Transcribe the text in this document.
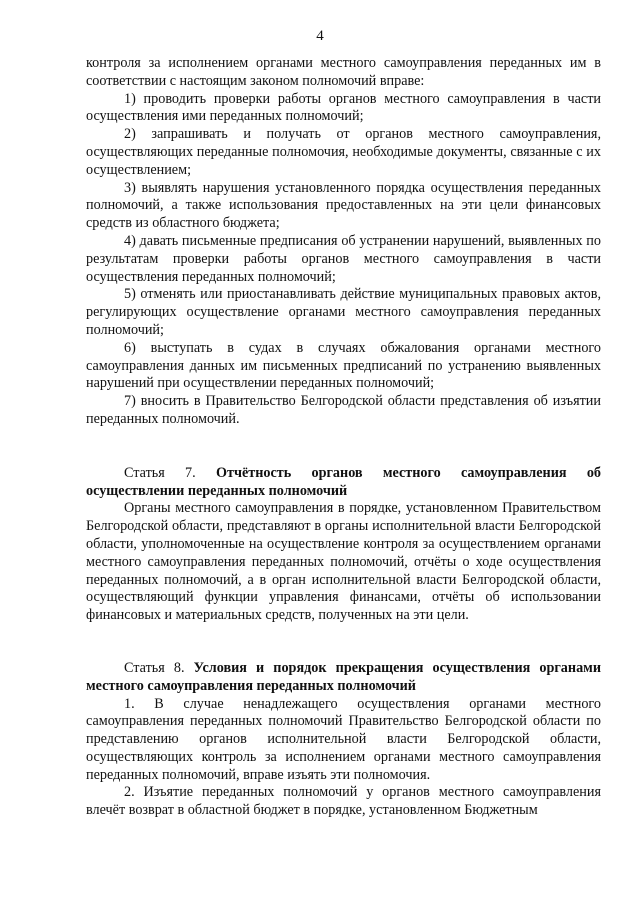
4

контроля за исполнением органами местного самоуправления переданных им в соответствии с настоящим законом полномочий вправе:

1) проводить проверки работы органов местного самоуправления в части осуществления ими переданных полномочий;

2) запрашивать и получать от органов местного самоуправления, осуществляющих переданные полномочия, необходимые документы, связанные с их осуществлением;

3) выявлять нарушения установленного порядка осуществления переданных полномочий, а также использования предоставленных на эти цели финансовых средств из областного бюджета;

4) давать письменные предписания об устранении нарушений, выявленных по результатам проверки работы органов местного самоуправления в части осуществления переданных полномочий;

5) отменять или приостанавливать действие муниципальных правовых актов, регулирующих осуществление органами местного самоуправления переданных полномочий;

6) выступать в судах в случаях обжалования органами местного самоуправления данных им письменных предписаний по устранению выявленных нарушений при осуществлении переданных полномочий;

7) вносить в Правительство Белгородской области представления об изъятии переданных полномочий.

Статья 7. Отчётность органов местного самоуправления об осуществлении переданных полномочий

Органы местного самоуправления в порядке, установленном Правительством Белгородской области, представляют в органы исполнительной власти Белгородской области, уполномоченные на осуществление контроля за осуществлением органами местного самоуправления переданных полномочий, отчёты о ходе осуществления переданных полномочий, а в орган исполнительной власти Белгородской области, осуществляющий функции управления финансами, отчёты об использовании финансовых и материальных средств, полученных на эти цели.

Статья 8. Условия и порядок прекращения осуществления органами местного самоуправления переданных полномочий

1. В случае ненадлежащего осуществления органами местного самоуправления переданных полномочий Правительство Белгородской области по представлению органов исполнительной власти Белгородской области, осуществляющих контроль за исполнением органами местного самоуправления переданных полномочий, вправе изъять эти полномочия.

2. Изъятие переданных полномочий у органов местного самоуправления влечёт возврат в областной бюджет в порядке, установленном Бюджетным
